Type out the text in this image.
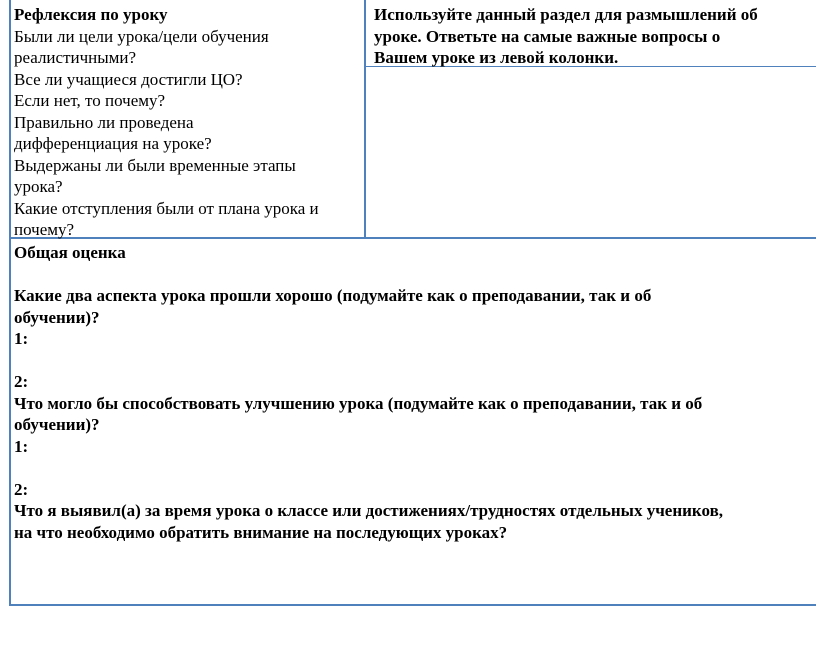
Рефлексия по уроку
Были ли цели урока/цели обучения
реалистичными?
Все ли учащиеся достигли ЦО?
Если нет, то почему?
Правильно ли проведена
дифференциация на уроке?
Выдержаны ли были временные этапы
урока?
Какие отступления были от плана урока и
почему?
Используйте данный раздел для размышлений об
уроке. Ответьте на самые важные вопросы о
Вашем уроке из левой колонки.
Общая оценка
Какие два аспекта урока прошли хорошо (подумайте как о преподавании, так и об
обучении)?
1:
2:
Что могло бы способствовать улучшению урока (подумайте как о преподавании, так и об
обучении)?
1:
2:
Что я выявил(а) за время урока о классе или достижениях/трудностях отдельных учеников,
на что необходимо обратить внимание на последующих уроках?
